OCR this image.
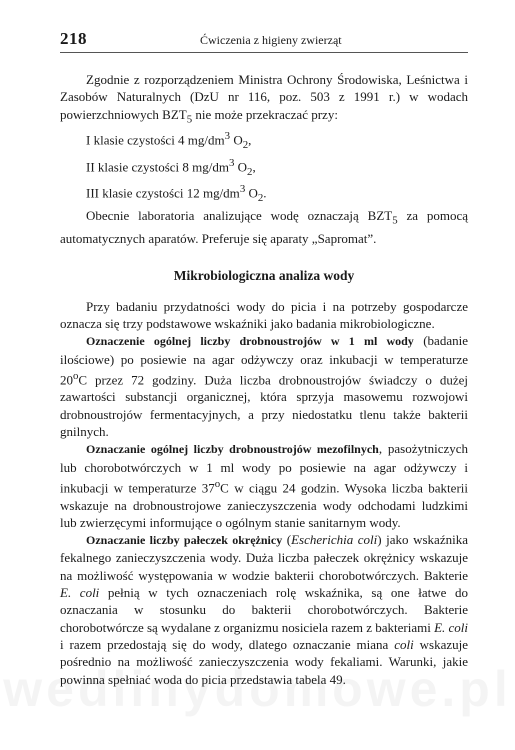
218	Ćwiczenia z higieny zwierząt

Zgodnie z rozporządzeniem Ministra Ochrony Środowiska, Leśnictwa i Zasobów Naturalnych (DzU nr 116, poz. 503 z 1991 r.) w wodach powierzchniowych $BZT_5$ nie może przekraczać przy:

I klasie czystości 4 $mg/dm^3$ $O_2$,
II klasie czystości 8 $mg/dm^3$ $O_2$,
III klasie czystości 12 $mg/dm^3$ $O_2$.

Obecnie laboratoria analizujące wodę oznaczają $BZT_5$ za pomocą automatycznych aparatów. Preferuje się aparaty „Sapromat”.

Mikrobiologiczna analiza wody

Przy badaniu przydatności wody do picia i na potrzeby gospodarcze oznacza się trzy podstawowe wskaźniki jako badania mikrobiologiczne.

Oznaczenie ogólnej liczby drobnoustrojów w 1 ml wody (badanie ilościowe) po posiewie na agar odżywczy oraz inkubacji w temperaturze 20$^o$C przez 72 godziny. Duża liczba drobnoustrojów świadczy o dużej zawartości substancji organicznej, która sprzyja masowemu rozwojowi drobnoustrojów fermentacyjnych, a przy niedostatku tlenu także bakterii gnilnych.

Oznaczanie ogólnej liczby drobnoustrojów mezofilnych, pasożytniczych lub chorobotwórczych w 1 ml wody po posiewie na agar odżywczy i inkubacji w temperaturze 37$^o$C w ciągu 24 godzin. Wysoka liczba bakterii wskazuje na drobnoustrojowe zanieczyszczenia wody odchodami ludzkimi lub zwierzęcymi informujące o ogólnym stanie sanitarnym wody.

Oznaczanie liczby pałeczek okrężnicy (Escherichia coli) jako wskaźnika fekalnego zanieczyszczenia wody. Duża liczba pałeczek okrężnicy wskazuje na możliwość występowania w wodzie bakterii chorobotwórczych. Bakterie E. coli pełnią w tych oznaczeniach rolę wskaźnika, są one łatwe do oznaczania w stosunku do bakterii chorobotwórczych. Bakterie chorobotwórcze są wydalane z organizmu nosiciela razem z bakteriami E. coli i razem przedostają się do wody, dlatego oznaczanie miana coli wskazuje pośrednio na możliwość zanieczyszczenia wody fekaliami. Warunki, jakie powinna spełniać woda do picia przedstawia tabela 49.
